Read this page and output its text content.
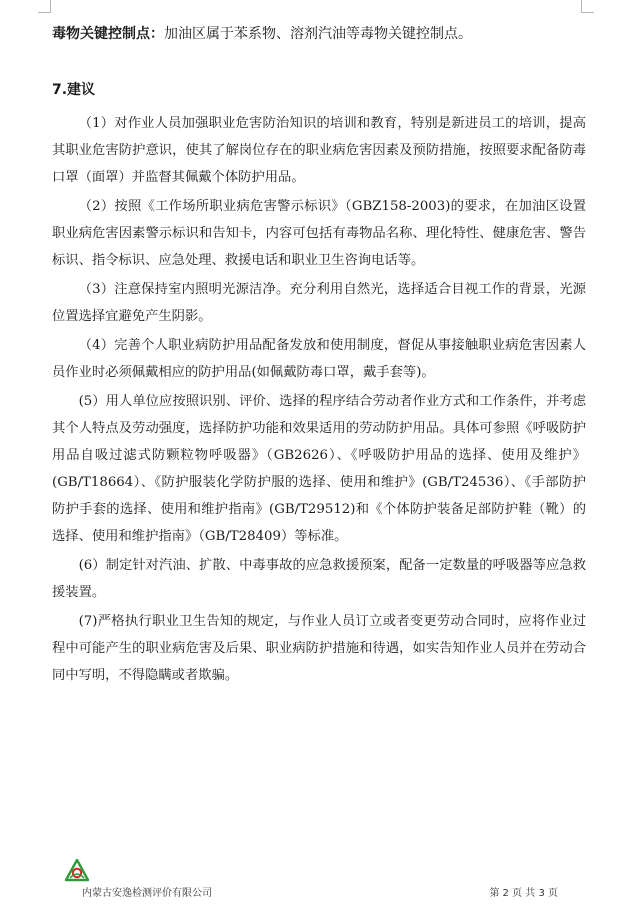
毒物关键控制点：加油区属于苯系物、溶剂汽油等毒物关键控制点。

7.建议

（1）对作业人员加强职业危害防治知识的培训和教育，特别是新进员工的培训，提高其职业危害防护意识，使其了解岗位存在的职业病危害因素及预防措施，按照要求配备防毒口罩（面罩）并监督其佩戴个体防护用品。

（2）按照《工作场所职业病危害警示标识》（GBZ158-2003)的要求，在加油区设置职业病危害因素警示标识和告知卡，内容可包括有毒物品名称、理化特性、健康危害、警告标识、指令标识、应急处理、救援电话和职业卫生咨询电话等。

（3）注意保持室内照明光源洁净。充分利用自然光，选择适合目视工作的背景，光源位置选择宜避免产生阴影。

（4）完善个人职业病防护用品配备发放和使用制度，督促从事接触职业病危害因素人员作业时必须佩戴相应的防护用品(如佩戴防毒口罩，戴手套等)。

(5）用人单位应按照识别、评价、选择的程序结合劳动者作业方式和工作条件，并考虑其个人特点及劳动强度，选择防护功能和效果适用的劳动防护用品。具体可参照《呼吸防护用品自吸过滤式防颗粒物呼吸器》（GB2626）、《呼吸防护用品的选择、使用及维护》(GB/T18664）、《防护服装化学防护服的选择、使用和维护》(GB/T24536）、《手部防护防护手套的选择、使用和维护指南》(GB/T29512)和《个体防护装备足部防护鞋（靴）的选择、使用和维护指南》（GB/T28409）等标准。

(6）制定针对汽油、扩散、中毒事故的应急救援预案，配备一定数量的呼吸器等应急救援装置。

(7)严格执行职业卫生告知的规定，与作业人员订立或者变更劳动合同时，应将作业过程中可能产生的职业病危害及后果、职业病防护措施和待遇，如实告知作业人员并在劳动合同中写明，不得隐瞒或者欺骗。

内蒙古安逸检测评价有限公司	第 2 页 共 3 页
